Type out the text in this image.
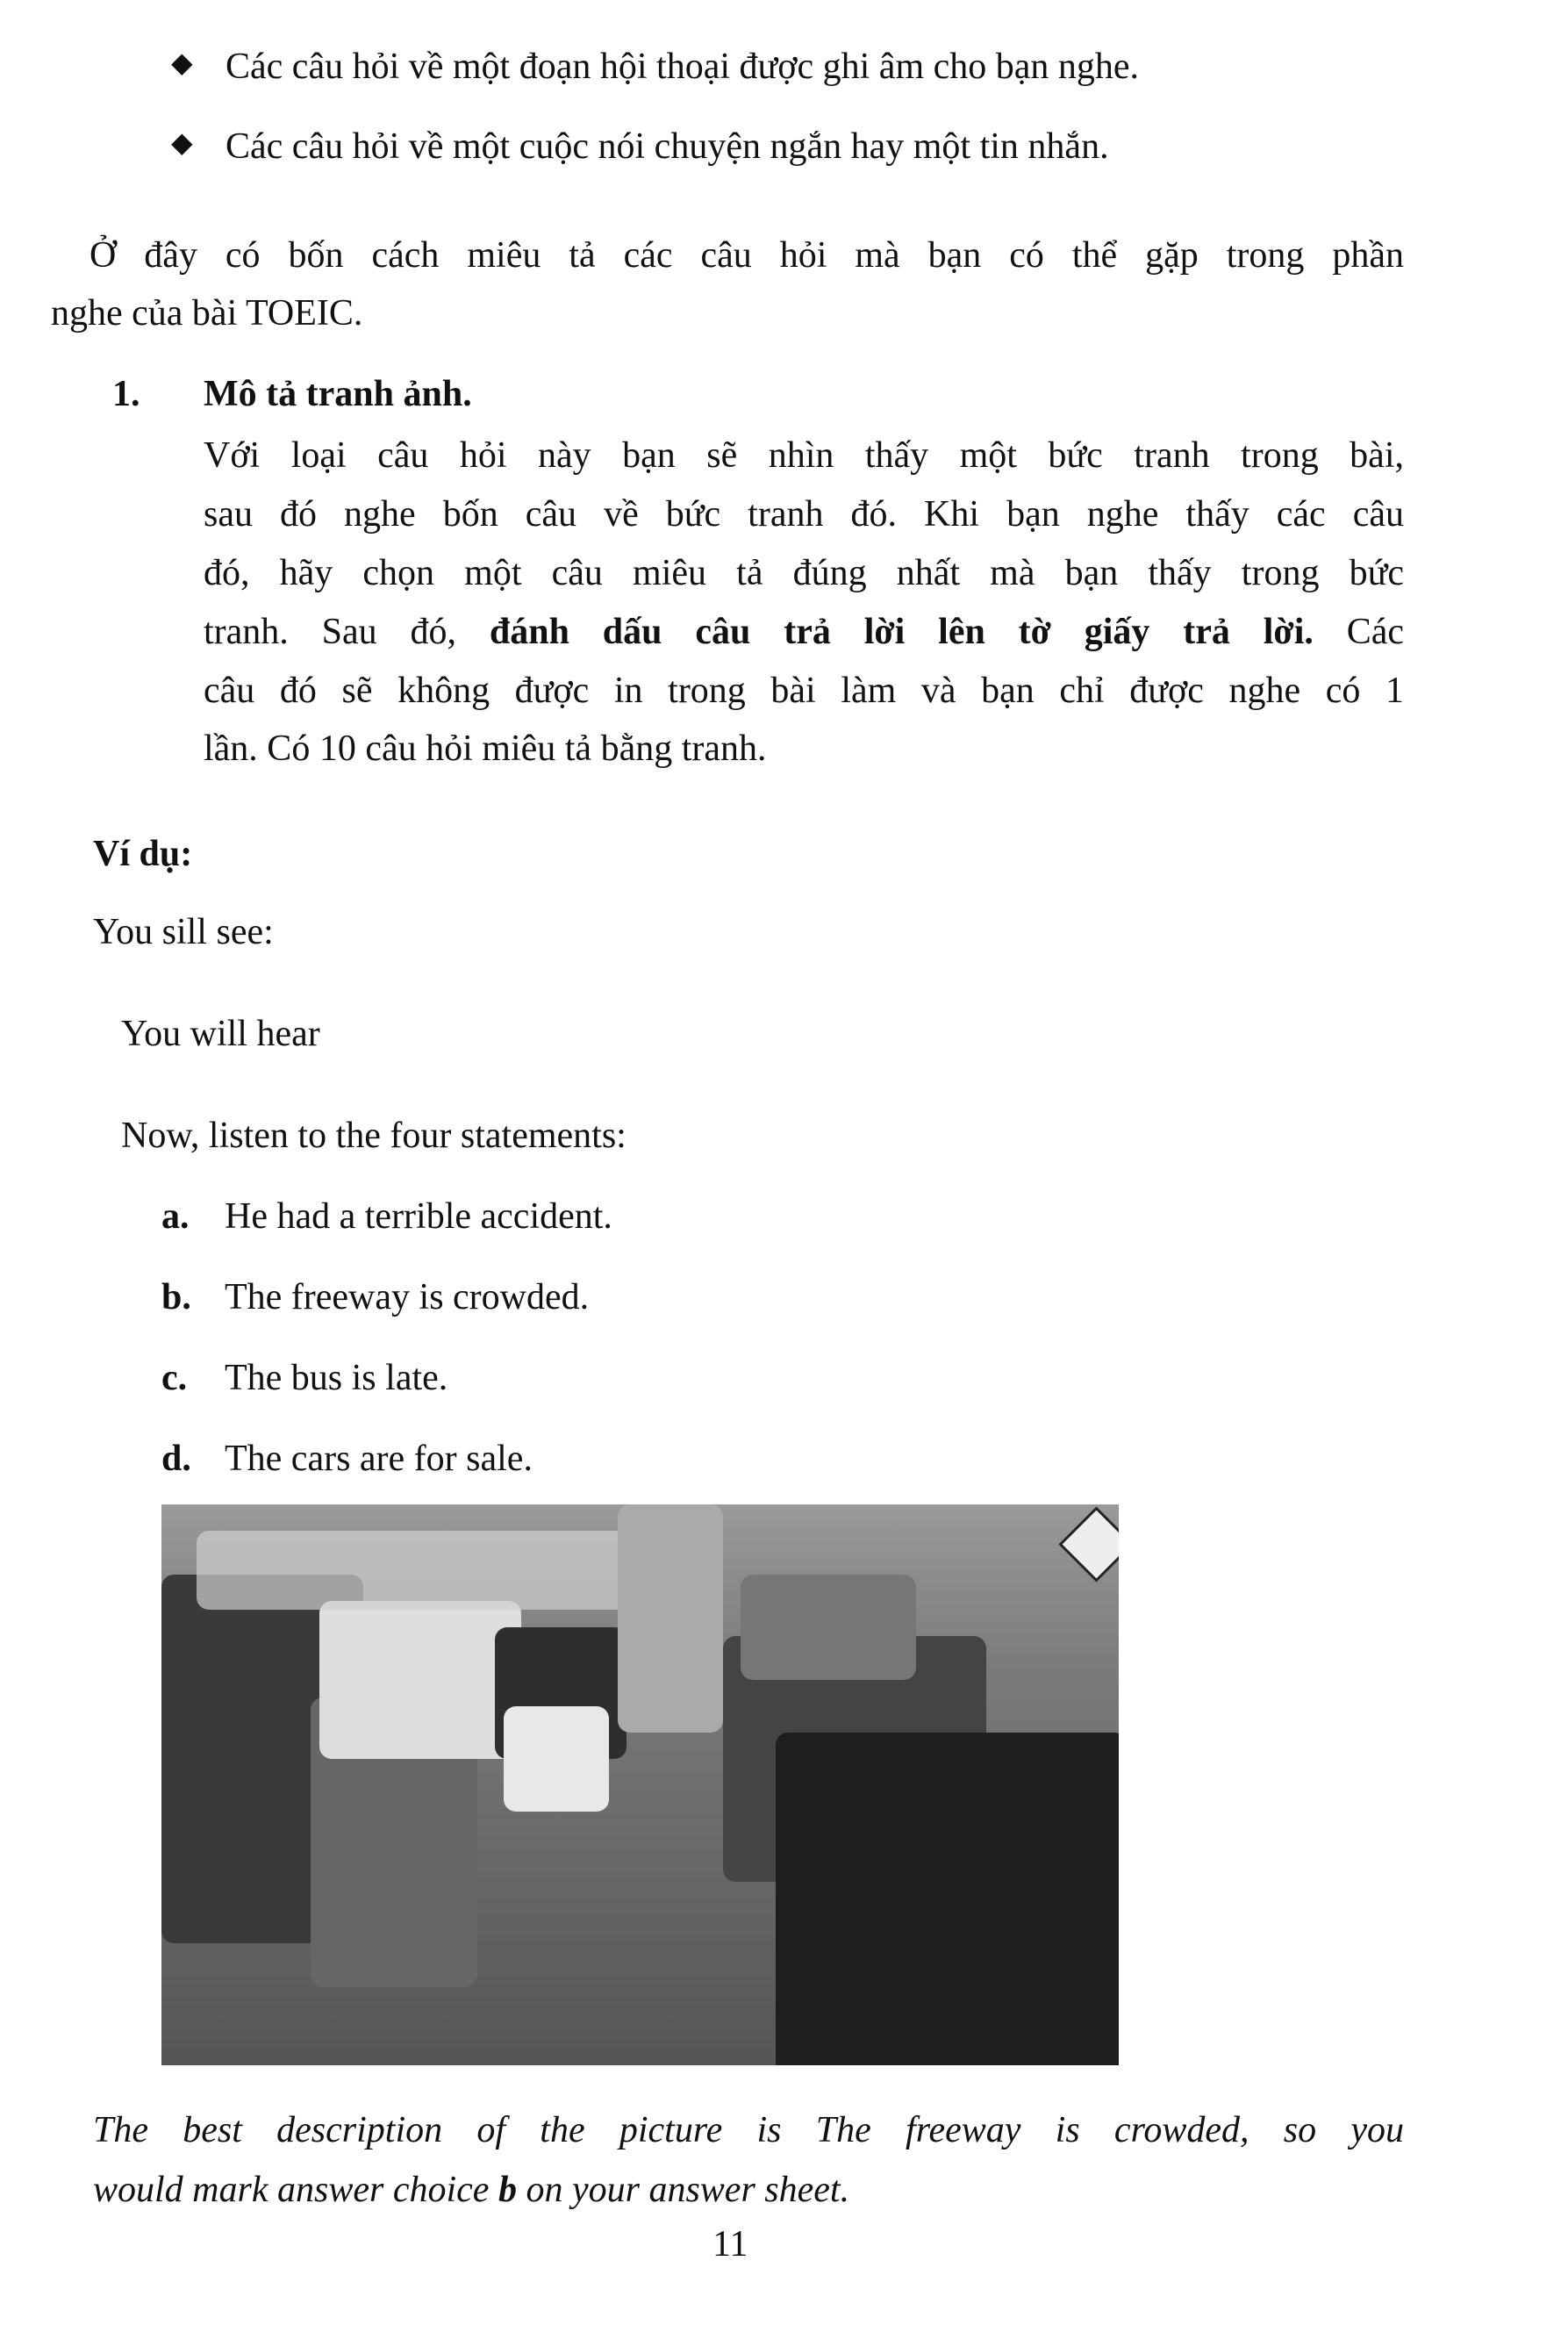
◆ Các câu hỏi về một đoạn hội thoại được ghi âm cho bạn nghe.
◆ Các câu hỏi về một cuộc nói chuyện ngắn hay một tin nhắn.
Ở đây có bốn cách miêu tả các câu hỏi mà bạn có thể gặp trong phần
nghe của bài TOEIC.
1. Mô tả tranh ảnh.
Với loại câu hỏi này bạn sẽ nhìn thấy một bức tranh trong bài,
sau đó nghe bốn câu về bức tranh đó. Khi bạn nghe thấy các câu
đó, hãy chọn một câu miêu tả đúng nhất mà bạn thấy trong bức
tranh. Sau đó, đánh dấu câu trả lời lên tờ giấy trả lời. Các
câu đó sẽ không được in trong bài làm và bạn chỉ được nghe có 1
lần. Có 10 câu hỏi miêu tả bằng tranh.
Ví dụ:
You sill see:
You will hear
Now, listen to the four statements:
a. He had a terrible accident.
b. The freeway is crowded.
c. The bus is late.
d. The cars are for sale.
The best description of the picture is The freeway is crowded, so you
would mark answer choice b on your answer sheet.
11
